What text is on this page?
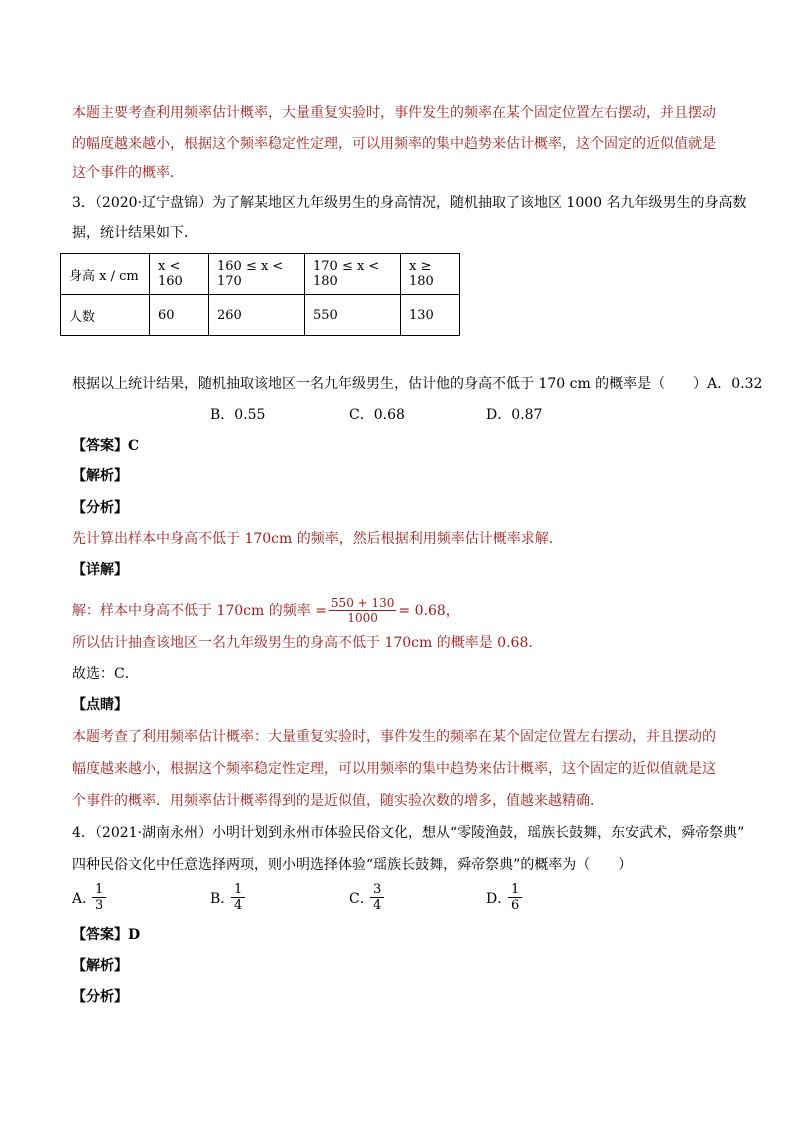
本题主要考查利用频率估计概率，大量重复实验时，事件发生的频率在某个固定位置左右摆动，并且摆动
的幅度越来越小，根据这个频率稳定性定理，可以用频率的集中趋势来估计概率，这个固定的近似值就是
这个事件的概率．
3．（2020·辽宁盘锦）为了解某地区九年级男生的身高情况，随机抽取了该地区 1000 名九年级男生的身高数
据，统计结果如下．
身高 x / cm	x < 160	160 ≤ x < 170	170 ≤ x < 180	x ≥ 180
人数	60	260	550	130
根据以上统计结果，随机抽取该地区一名九年级男生，估计他的身高不低于 170 cm 的概率是（　　）A．0.32
B．0.55	C．0.68	D．0.87
【答案】C
【解析】
【分析】
先计算出样本中身高不低于 170cm 的频率，然后根据利用频率估计概率求解．
【详解】
解：样本中身高不低于 170cm 的频率 = $\frac{550 + 130}{1000} = 0.68$，
所以估计抽查该地区一名九年级男生的身高不低于 170cm 的概率是 0.68．
故选：C．
【点睛】
本题考查了利用频率估计概率：大量重复实验时，事件发生的频率在某个固定位置左右摆动，并且摆动的
幅度越来越小，根据这个频率稳定性定理，可以用频率的集中趋势来估计概率，这个固定的近似值就是这
个事件的概率．用频率估计概率得到的是近似值，随实验次数的增多，值越来越精确．
4．（2021·湖南永州）小明计划到永州市体验民俗文化，想从“零陵渔鼓，瑶族长鼓舞，东安武术，舜帝祭典”
四种民俗文化中任意选择两项，则小明选择体验“瑶族长鼓舞，舜帝祭典”的概率为（　　）
A．
$\frac{1}{3}$	B．
$\frac{1}{4}$	C．
$\frac{3}{4}$	D．
$\frac{1}{6}$
【答案】D
【解析】
【分析】
